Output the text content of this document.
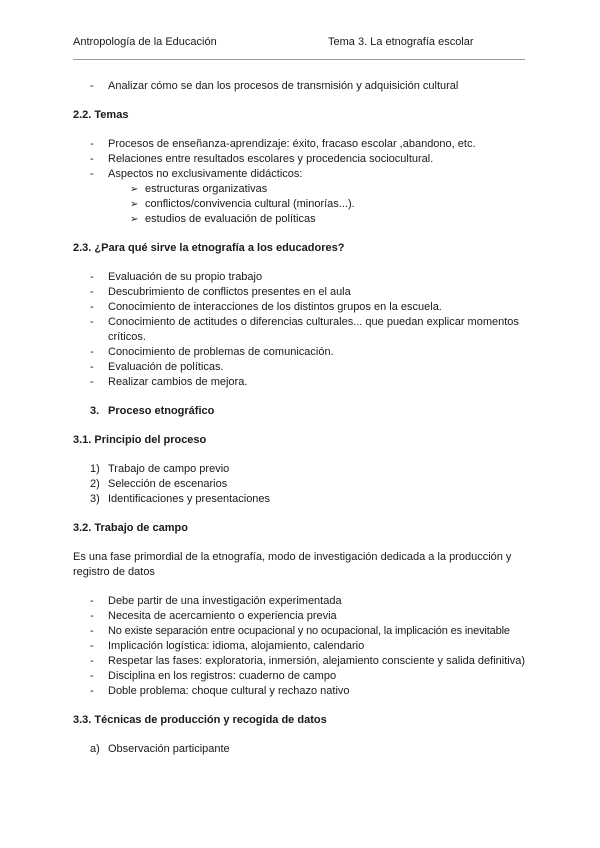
Antropología de la Educación	Tema 3. La etnografía escolar
- Analizar cómo se dan los procesos de transmisión y adquisición cultural
2.2. Temas
- Procesos de enseñanza-aprendizaje: éxito, fracaso escolar ,abandono, etc.
- Relaciones entre resultados escolares y procedencia sociocultural.
- Aspectos no exclusivamente didácticos:
➢ estructuras organizativas
➢ conflictos/convivencia cultural (minorías...).
➢ estudios de evaluación de políticas
2.3. ¿Para qué sirve la etnografía a los educadores?
- Evaluación de su propio trabajo
- Descubrimiento de conflictos presentes en el aula
- Conocimiento de interacciones de los distintos grupos en la escuela.
- Conocimiento de actitudes o diferencias culturales... que puedan explicar momentos críticos.
- Conocimiento de problemas de comunicación.
- Evaluación de políticas.
- Realizar cambios de mejora.
3. Proceso etnográfico
3.1. Principio del proceso
1) Trabajo de campo previo
2) Selección de escenarios
3) Identificaciones y presentaciones
3.2. Trabajo de campo
Es una fase primordial de la etnografía, modo de investigación dedicada a la producción y registro de datos
- Debe partir de una investigación experimentada
- Necesita de acercamiento o experiencia previa
- No existe separación entre ocupacional y no ocupacional, la implicación es inevitable
- Implicación logística: idioma, alojamiento, calendario
- Respetar las fases: exploratoria, inmersión, alejamiento consciente y salida definitiva)
- Disciplina en los registros: cuaderno de campo
- Doble problema: choque cultural y rechazo nativo
3.3. Técnicas de producción y recogida de datos
a) Observación participante
